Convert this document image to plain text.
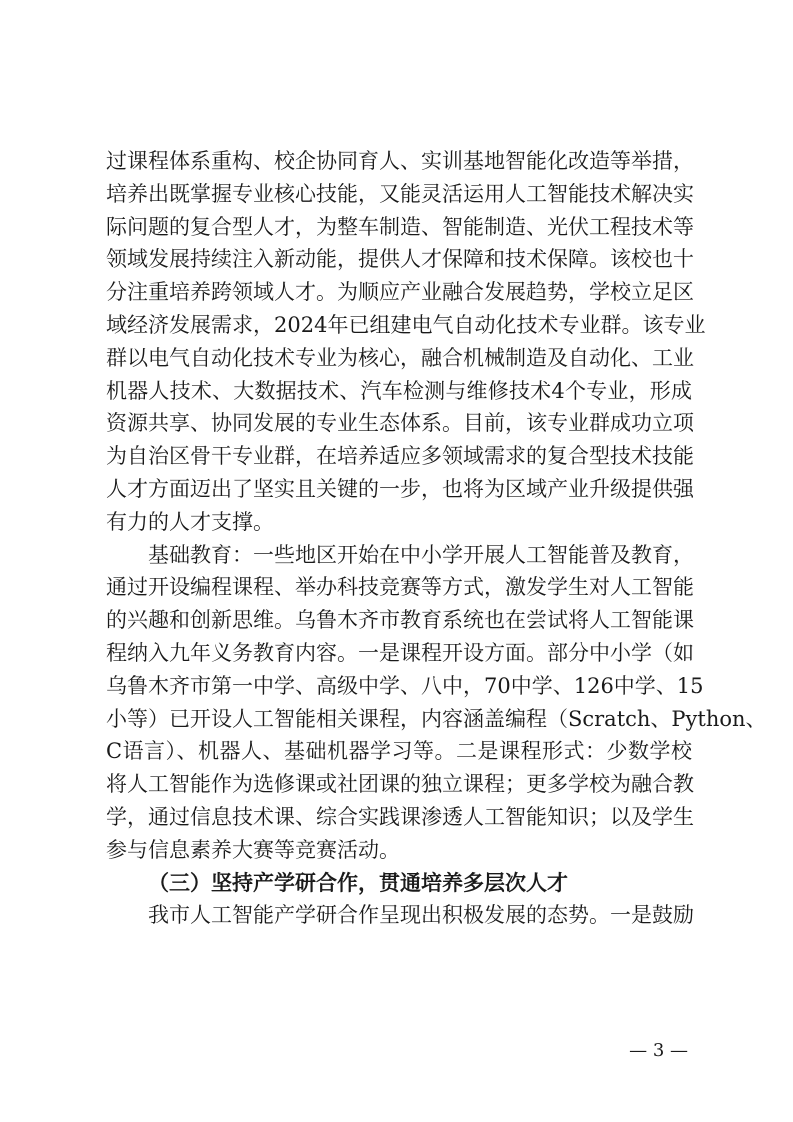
过课程体系重构、校企协同育人、实训基地智能化改造等举措，
培养出既掌握专业核心技能，又能灵活运用人工智能技术解决实
际问题的复合型人才，为整车制造、智能制造、光伏工程技术等
领域发展持续注入新动能，提供人才保障和技术保障。该校也十
分注重培养跨领域人才。为顺应产业融合发展趋势，学校立足区
域经济发展需求，2024年已组建电气自动化技术专业群。该专业
群以电气自动化技术专业为核心，融合机械制造及自动化、工业
机器人技术、大数据技术、汽车检测与维修技术4个专业，形成
资源共享、协同发展的专业生态体系。目前，该专业群成功立项
为自治区骨干专业群，在培养适应多领域需求的复合型技术技能
人才方面迈出了坚实且关键的一步，也将为区域产业升级提供强
有力的人才支撑。
基础教育：一些地区开始在中小学开展人工智能普及教育，
通过开设编程课程、举办科技竞赛等方式，激发学生对人工智能
的兴趣和创新思维。乌鲁木齐市教育系统也在尝试将人工智能课
程纳入九年义务教育内容。一是课程开设方面。部分中小学（如
乌鲁木齐市第一中学、高级中学、八中，70中学、126中学、15
小等）已开设人工智能相关课程，内容涵盖编程（Scratch、Python、
C语言）、机器人、基础机器学习等。二是课程形式：少数学校
将人工智能作为选修课或社团课的独立课程；更多学校为融合教
学，通过信息技术课、综合实践课渗透人工智能知识；以及学生
参与信息素养大赛等竞赛活动。
（三）坚持产学研合作，贯通培养多层次人才
我市人工智能产学研合作呈现出积极发展的态势。一是鼓励
— 3 —
